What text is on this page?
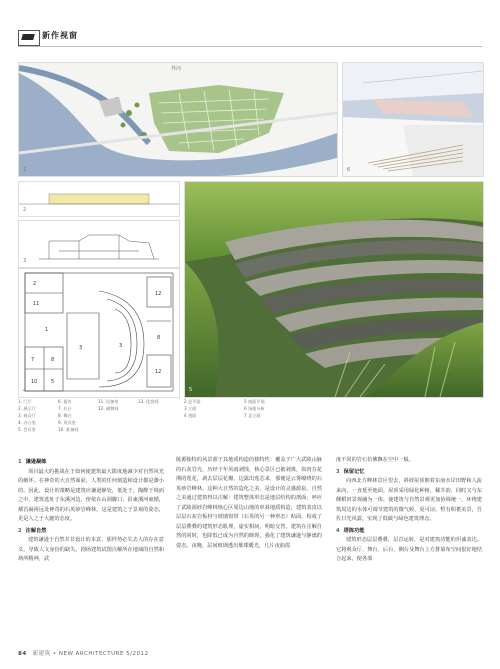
新作视窗
1
界河
6
2
3
2
11
1
3	3
8
7	8
10	5
12
12
4	5
1. 门厅	6. 报告	11. 设备室	13. 化妆间
2. 展示厅	7. 后台	12. 储物间
3. 观众厅	8. 舞台
4. 办公室	9. 贵宾室
5. 会议室	10. 准备间
2 总平面	5 剖面平面
3 立面	6 场地分析
4 剖面	7 北立面
1 谦逊凝练

项目最大的挑战在于如何使建筑最大限度地减少对自然风光的破坏。在神奇的大自然面前，人类的任何刻造和设计都是渺小的。因此，设计的策略是建筑应谦逊静处，低处于，陶醉于境而之中。建筑选址于东溪河边，傍依在山洞脚口，沿東溪河東循，插首凝视远处神奇的石英砂岩峰林。这是建筑之于景观的姿态，更是人之于大漉的态度。

2 注解自然

建筑谦逊于自然并非设计的本意。那样势必失去人的存在意义，导致人文身份的缺失。剧场建筑试图注解所在地域的自然和场所精神，武

陵源独特的风景源于其地质构造的独特性：覆盖于广大武陵山脉的石灰岩壳，历经千年风雨剥蚀，核心景区已被剥离，如肉芬花期的莲花，剥去层层花瓣，边露出莲芯来，那便是云雾缭绕的石英砂岩峰林。这种大自然的造化之美，是设计的灵感源泉。自然之美通过建筑得以注解：建筑整体形态是地层结构的剖面，呼应了武陵源砂岩峰林核心区周边山地的单斜地质构造，建筑表皮以层层石灰岩板材与玻璃窗带（石英的另一种形态）贴面，构成了层层叠叠的建筑形态肌理，虚实相间，明暗交替。建筑在注解自然的同时，也降低已成为自然的映现，强化了建筑谦逊与静谧的姿态。夜晚，层间玻璃透出璀璨暖光，几片夜曲霞

度不同的岩石仿佛飘在空中一般。

3 保留记忆

向西北方峰林景区望去，斜坡屋顶朝着东南水岸田野和人流来向，一直延至地面。屋顶采用绿化种植，稀芥韵，同时又与东侧稻田景观融为一体。使建筑与自然景观更加协调统一。环绕建筑周边的水体可调节建筑的微气候，夏可凉，暂有积蓄美景，吾佐日光风露，实现了低碳与绿色建筑理念。

4 塔陈功能

建筑形态层层叠叠，层首运转，是对建筑功能的坦诚表达。它将观众厅、舞台、后台、侧台及舞台上方排幕布空间很好地结合起来，使各部

84 新建筑 • NEW ARCHITECTURE 5/2012
